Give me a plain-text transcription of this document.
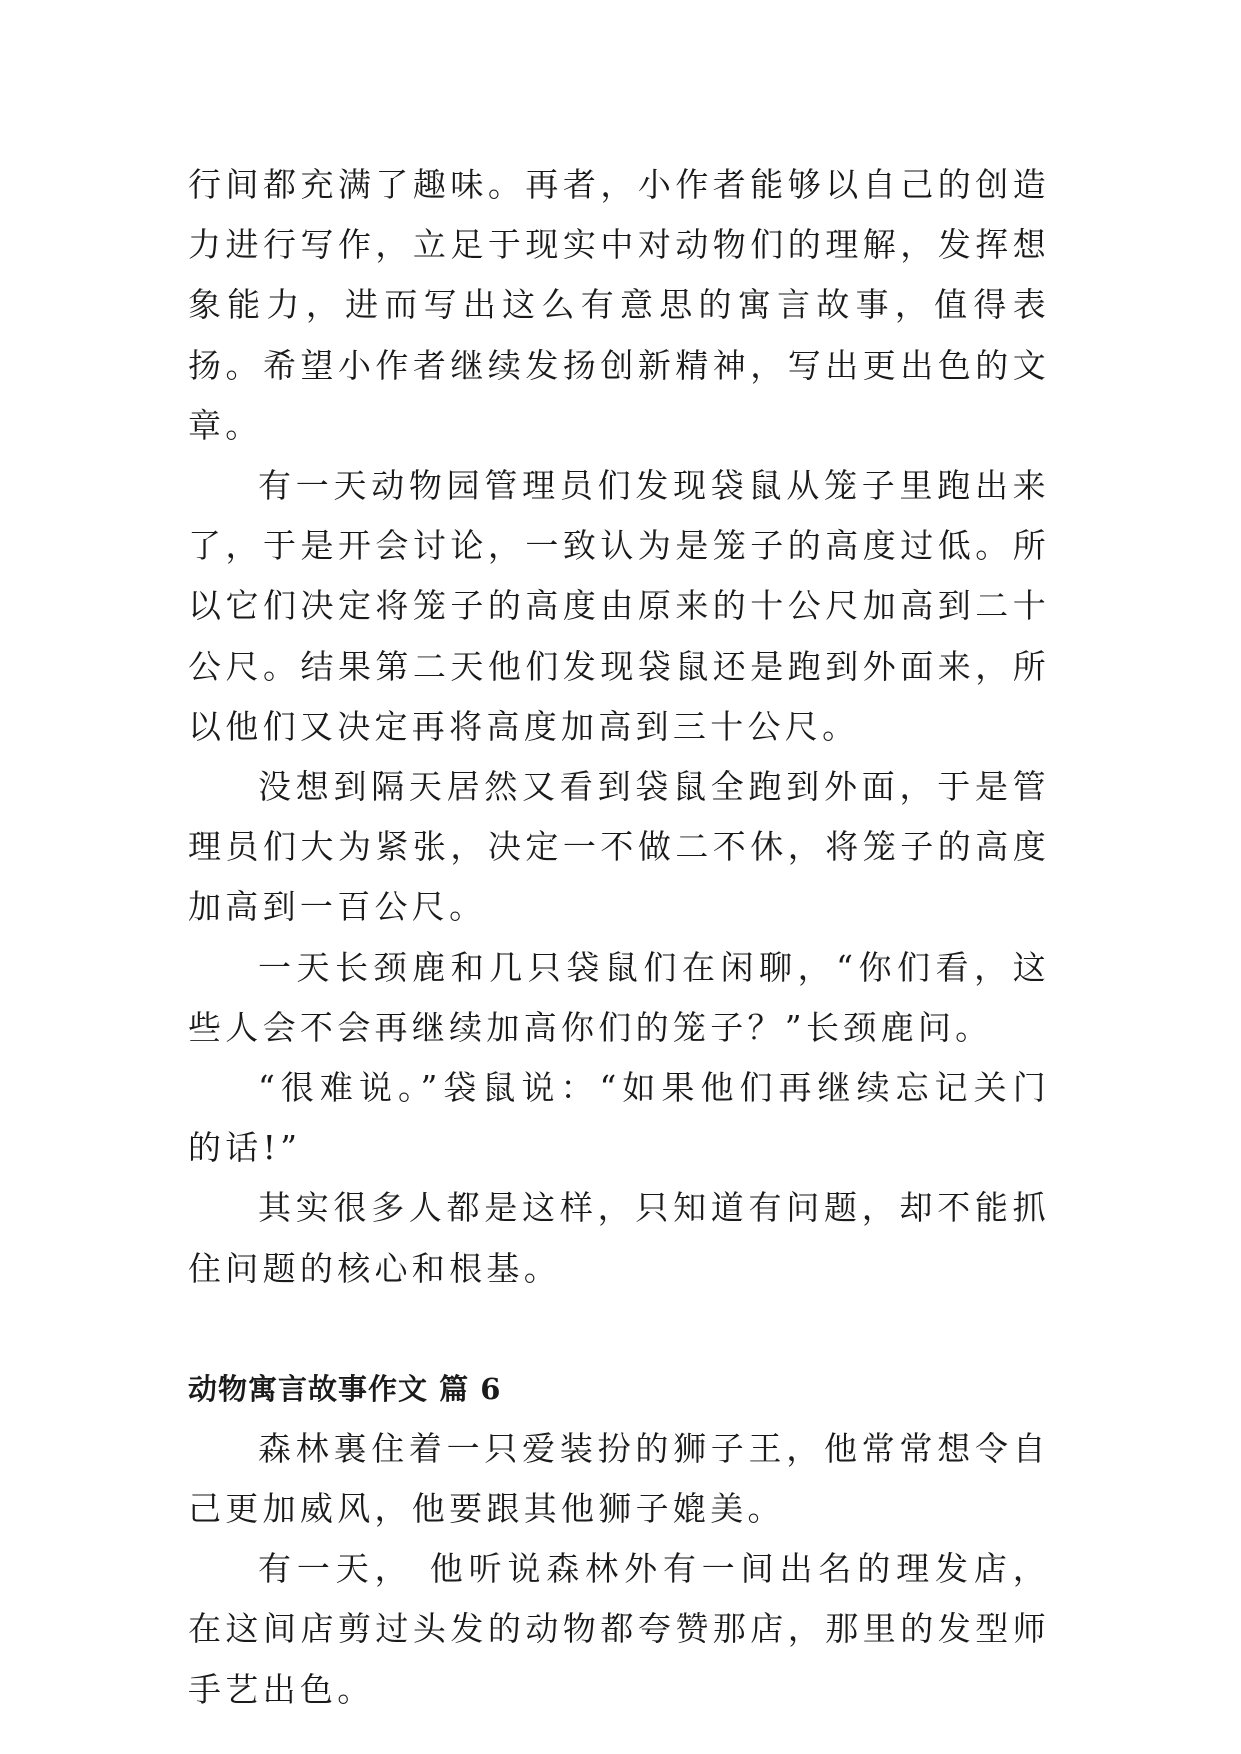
行间都充满了趣味。再者，小作者能够以自己的创造力进行写作，立足于现实中对动物们的理解，发挥想象能力，进而写出这么有意思的寓言故事，值得表扬。希望小作者继续发扬创新精神，写出更出色的文章。

有一天动物园管理员们发现袋鼠从笼子里跑出来了，于是开会讨论，一致认为是笼子的高度过低。所以它们决定将笼子的高度由原来的十公尺加高到二十公尺。结果第二天他们发现袋鼠还是跑到外面来，所以他们又决定再将高度加高到三十公尺。

没想到隔天居然又看到袋鼠全跑到外面，于是管理员们大为紧张，决定一不做二不休，将笼子的高度加高到一百公尺。

一天长颈鹿和几只袋鼠们在闲聊，“你们看，这些人会不会再继续加高你们的笼子？”长颈鹿问。

“很难说。”袋鼠说：“如果他们再继续忘记关门的话!”

其实很多人都是这样，只知道有问题，却不能抓住问题的核心和根基。

动物寓言故事作文 篇 6

森林裏住着一只爱装扮的狮子王，他常常想令自己更加威风，他要跟其他狮子媲美。

有一天， 他听说森林外有一间出名的理发店，在这间店剪过头发的动物都夸赞那店，那里的发型师手艺出色。
